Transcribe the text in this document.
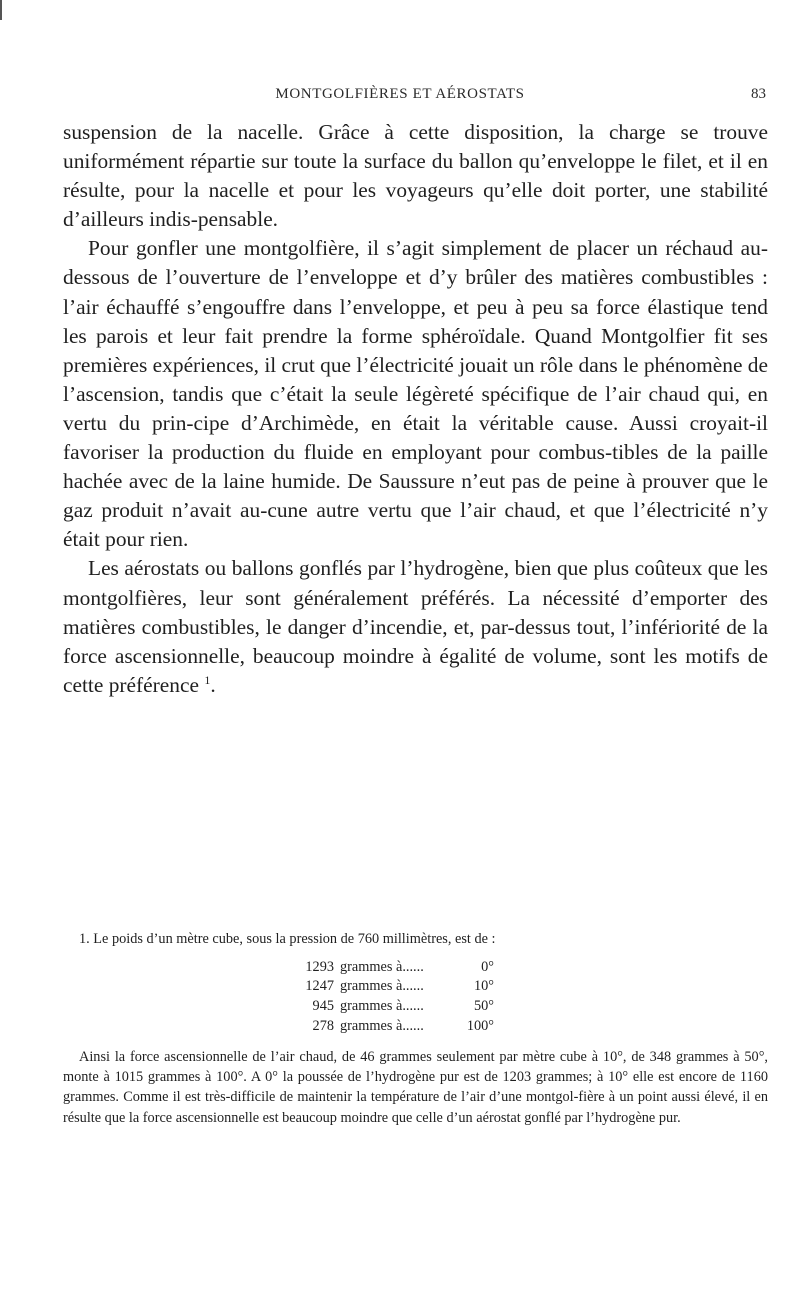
MONTGOLFIÈRES ET AÉROSTATS	83

suspension de la nacelle. Grâce à cette disposition, la charge se trouve uniformément répartie sur toute la surface du ballon qu’enveloppe le filet, et il en résulte, pour la nacelle et pour les voyageurs qu’elle doit porter, une stabilité d’ailleurs indis-pensable.

Pour gonfler une montgolfière, il s’agit simplement de placer un réchaud au-dessous de l’ouverture de l’enveloppe et d’y brûler des matières combustibles : l’air échauffé s’engouffre dans l’enveloppe, et peu à peu sa force élastique tend les parois et leur fait prendre la forme sphéroïdale. Quand Montgolfier fit ses premières expériences, il crut que l’électricité jouait un rôle dans le phénomène de l’ascension, tandis que c’était la seule légèreté spécifique de l’air chaud qui, en vertu du prin-cipe d’Archimède, en était la véritable cause. Aussi croyait-il favoriser la production du fluide en employant pour combus-tibles de la paille hachée avec de la laine humide. De Saussure n’eut pas de peine à prouver que le gaz produit n’avait au-cune autre vertu que l’air chaud, et que l’électricité n’y était pour rien.

Les aérostats ou ballons gonflés par l’hydrogène, bien que plus coûteux que les montgolfières, leur sont généralement préférés. La nécessité d’emporter des matières combustibles, le danger d’incendie, et, par-dessus tout, l’infériorité de la force ascensionnelle, beaucoup moindre à égalité de volume, sont les motifs de cette préférence $^1$.

1. Le poids d’un mètre cube, sous la pression de 760 millimètres, est de :

1293	grammes à......	0°
1247	grammes à......	10°
945	grammes à......	50°
278	grammes à......	100°

Ainsi la force ascensionnelle de l’air chaud, de 46 grammes seulement par mètre cube à 10°, de 348 grammes à 50°, monte à 1015 grammes à 100°. A 0° la poussée de l’hydrogène pur est de 1203 grammes; à 10° elle est encore de 1160 grammes. Comme il est très-difficile de maintenir la température de l’air d’une montgol-fière à un point aussi élevé, il en résulte que la force ascensionnelle est beaucoup moindre que celle d’un aérostat gonflé par l’hydrogène pur.
